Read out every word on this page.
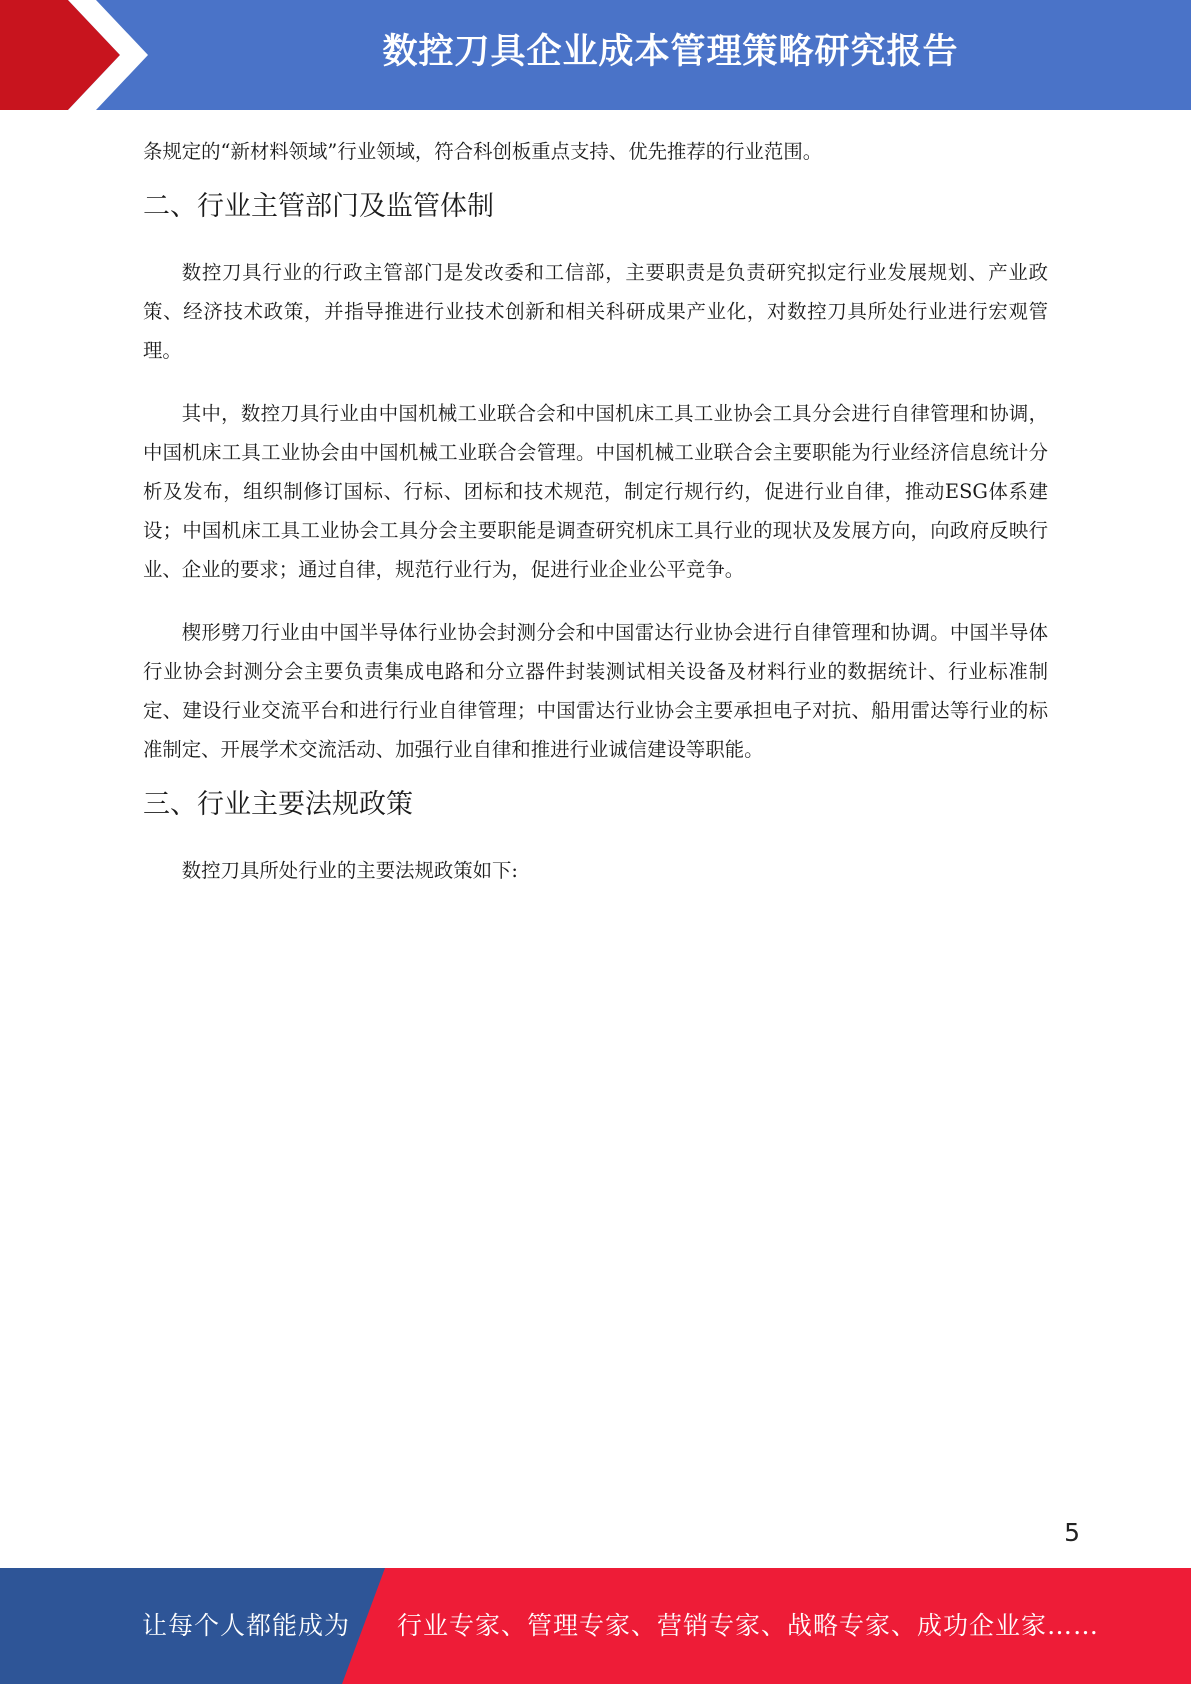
数控刀具企业成本管理策略研究报告

条规定的“新材料领域”行业领域，符合科创板重点支持、优先推荐的行业范围。

二、行业主管部门及监管体制

数控刀具行业的行政主管部门是发改委和工信部，主要职责是负责研究拟定行业发展规划、产业政策、经济技术政策，并指导推进行业技术创新和相关科研成果产业化，对数控刀具所处行业进行宏观管理。

其中，数控刀具行业由中国机械工业联合会和中国机床工具工业协会工具分会进行自律管理和协调，中国机床工具工业协会由中国机械工业联合会管理。中国机械工业联合会主要职能为行业经济信息统计分析及发布，组织制修订国标、行标、团标和技术规范，制定行规行约，促进行业自律，推动ESG体系建设；中国机床工具工业协会工具分会主要职能是调查研究机床工具行业的现状及发展方向，向政府反映行业、企业的要求；通过自律，规范行业行为，促进行业企业公平竞争。

楔形劈刀行业由中国半导体行业协会封测分会和中国雷达行业协会进行自律管理和协调。中国半导体行业协会封测分会主要负责集成电路和分立器件封装测试相关设备及材料行业的数据统计、行业标准制定、建设行业交流平台和进行行业自律管理；中国雷达行业协会主要承担电子对抗、船用雷达等行业的标准制定、开展学术交流活动、加强行业自律和推进行业诚信建设等职能。

三、行业主要法规政策

数控刀具所处行业的主要法规政策如下:

5
让每个人都能成为 行业专家、管理专家、营销专家、战略专家、成功企业家……
